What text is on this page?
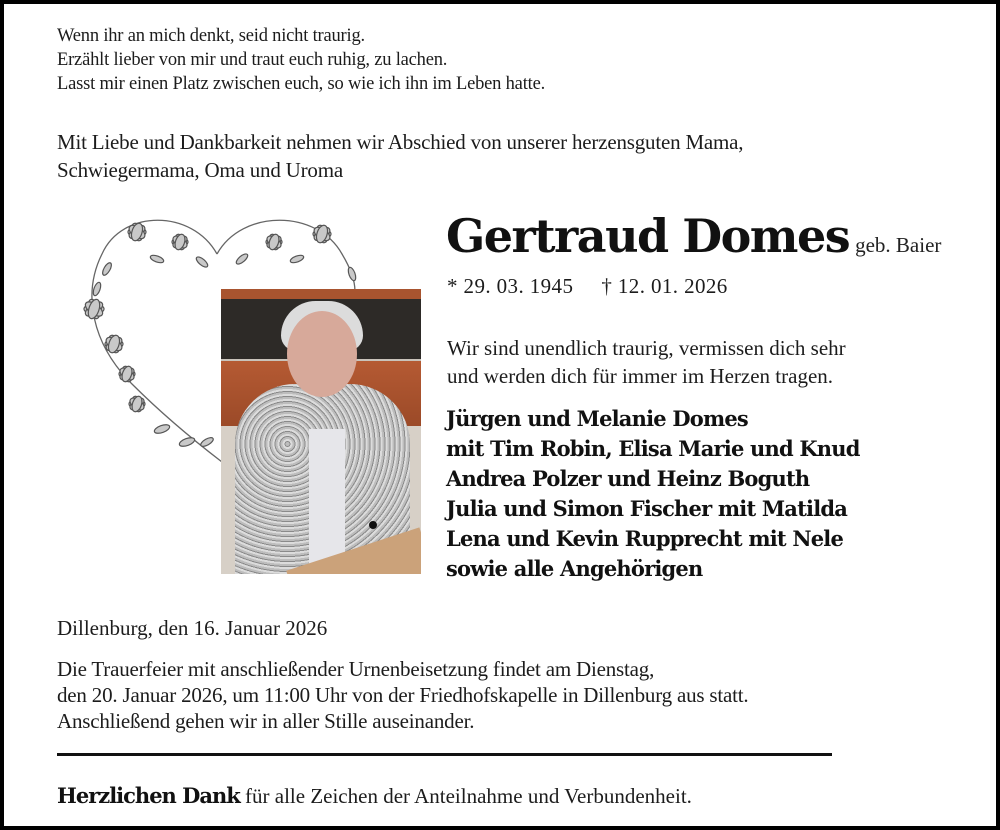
Wenn ihr an mich denkt, seid nicht traurig.
Erzählt lieber von mir und traut euch ruhig, zu lachen.
Lasst mir einen Platz zwischen euch, so wie ich ihn im Leben hatte.
Mit Liebe und Dankbarkeit nehmen wir Abschied von unserer herzensguten Mama,
Schwiegermama, Oma und Uroma
Gertraud Domes geb. Baier
* 29. 03. 1945 † 12. 01. 2026
Wir sind unendlich traurig, vermissen dich sehr
und werden dich für immer im Herzen tragen.
Jürgen und Melanie Domes
mit Tim Robin, Elisa Marie und Knud
Andrea Polzer und Heinz Boguth
Julia und Simon Fischer mit Matilda
Lena und Kevin Rupprecht mit Nele
sowie alle Angehörigen
Dillenburg, den 16. Januar 2026
Die Trauerfeier mit anschließender Urnenbeisetzung findet am Dienstag,
den 20. Januar 2026, um 11:00 Uhr von der Friedhofskapelle in Dillenburg aus statt.
Anschließend gehen wir in aller Stille auseinander.
Herzlichen Dank für alle Zeichen der Anteilnahme und Verbundenheit.
